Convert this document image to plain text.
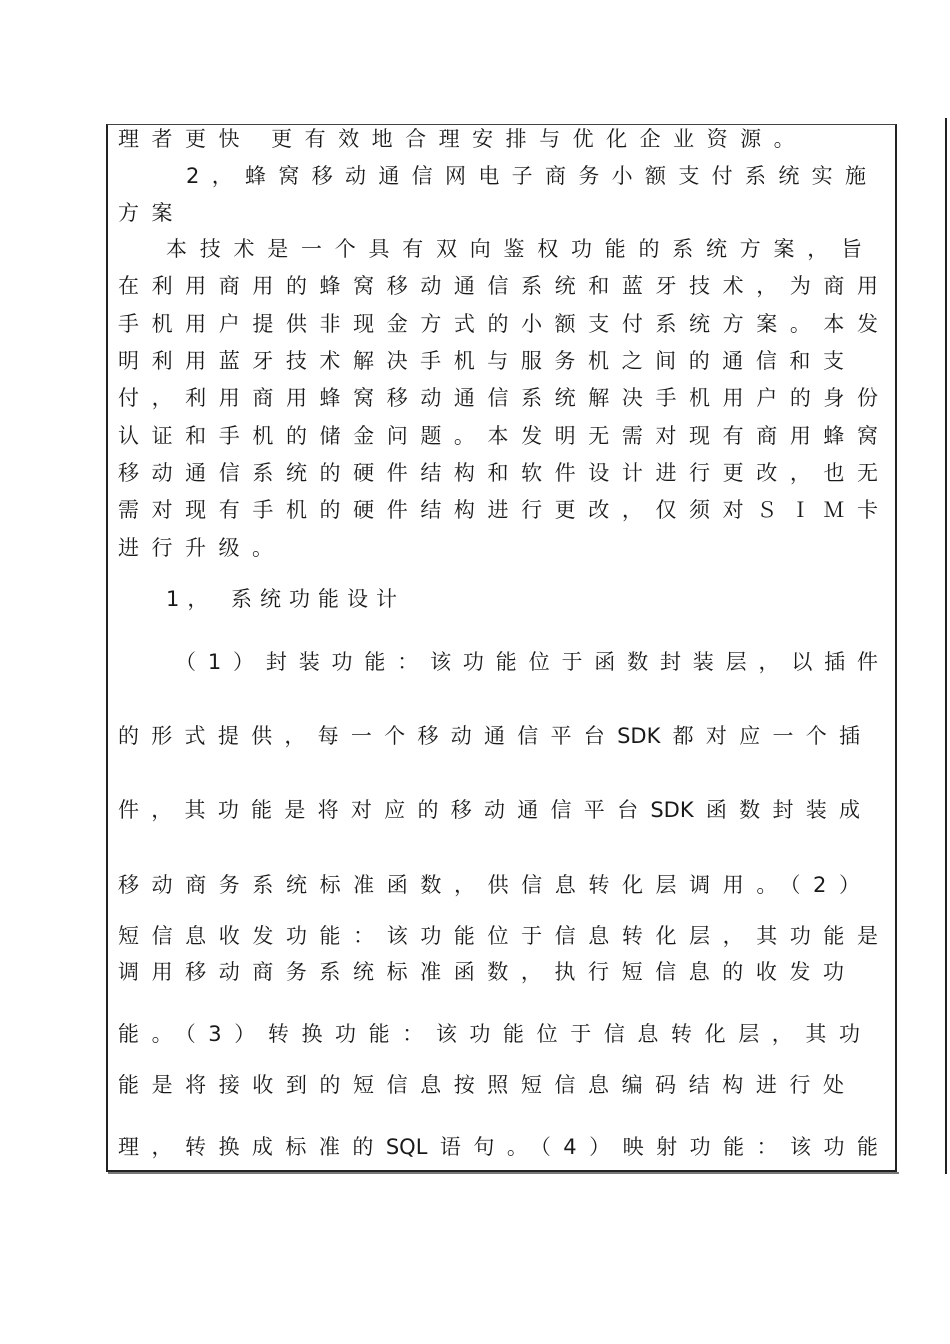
理者更快 更有效地合理安排与优化企业资源。
2，蜂窝移动通信网电子商务小额支付系统实施
方案
本技术是一个具有双向鉴权功能的系统方案，旨
在利用商用的蜂窝移动通信系统和蓝牙技术，为商用
手机用户提供非现金方式的小额支付系统方案。本发
明利用蓝牙技术解决手机与服务机之间的通信和支
付，利用商用蜂窝移动通信系统解决手机用户的身份
认证和手机的储金问题。本发明无需对现有商用蜂窝
移动通信系统的硬件结构和软件设计进行更改，也无
需对现有手机的硬件结构进行更改，仅须对ＳＩＭ卡
进行升级。
1， 系统功能设计
（1）封装功能：该功能位于函数封装层，以插件
的形式提供，每一个移动通信平台SDK都对应一个插
件，其功能是将对应的移动通信平台SDK函数封装成
移动商务系统标准函数，供信息转化层调用。（2）
短信息收发功能：该功能位于信息转化层，其功能是
调用移动商务系统标准函数，执行短信息的收发功
能。（3）转换功能：该功能位于信息转化层，其功
能是将接收到的短信息按照短信息编码结构进行处
理，转换成标准的SQL语句。（4）映射功能：该功能
